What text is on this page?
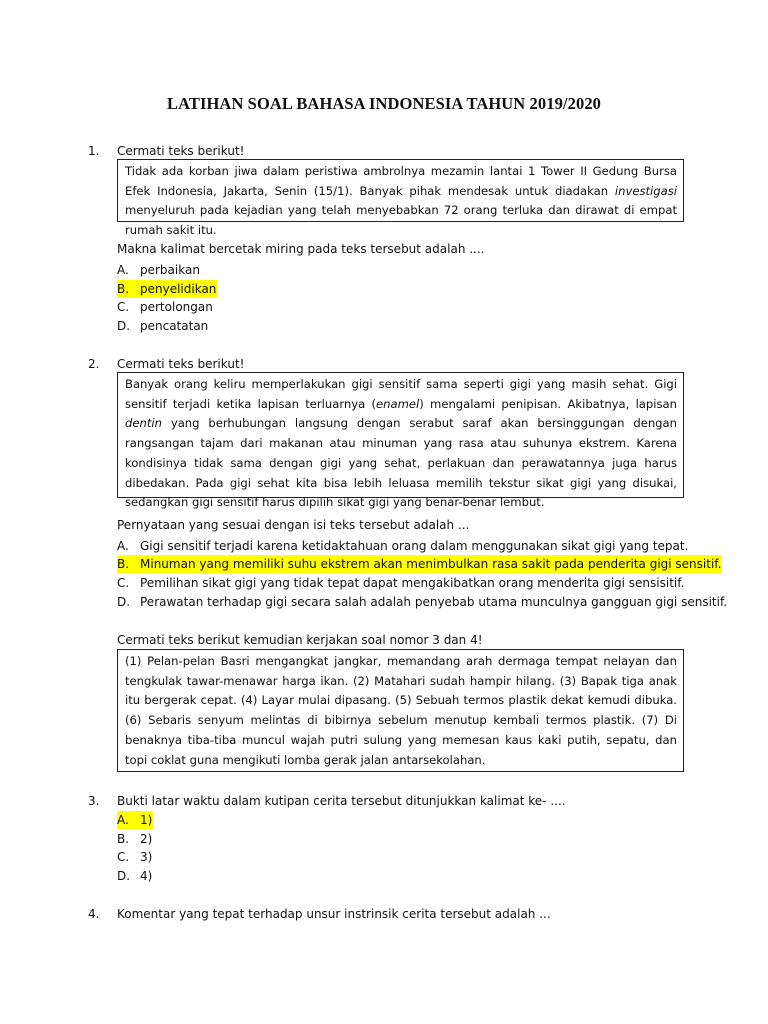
LATIHAN SOAL BAHASA INDONESIA TAHUN 2019/2020
1. Cermati teks berikut!
Tidak ada korban jiwa dalam peristiwa ambrolnya mezamin lantai 1 Tower II Gedung Bursa Efek Indonesia, Jakarta, Senin (15/1). Banyak pihak mendesak untuk diadakan investigasi menyeluruh pada kejadian yang telah menyebabkan 72 orang terluka dan dirawat di empat rumah sakit itu.
Makna kalimat bercetak miring pada teks tersebut adalah ....
A. perbaikan
B. penyelidikan
C. pertolongan
D. pencatatan
2. Cermati teks berikut!
Banyak orang keliru memperlakukan gigi sensitif sama seperti gigi yang masih sehat. Gigi sensitif terjadi ketika lapisan terluarnya (enamel) mengalami penipisan. Akibatnya, lapisan dentin yang berhubungan langsung dengan serabut saraf akan bersinggungan dengan rangsangan tajam dari makanan atau minuman yang rasa atau suhunya ekstrem. Karena kondisinya tidak sama dengan gigi yang sehat, perlakuan dan perawatannya juga harus dibedakan. Pada gigi sehat kita bisa lebih leluasa memilih tekstur sikat gigi yang disukai, sedangkan gigi sensitif harus dipilih sikat gigi yang benar-benar lembut.
Pernyataan yang sesuai dengan isi teks tersebut adalah ...
A. Gigi sensitif terjadi karena ketidaktahuan orang dalam menggunakan sikat gigi yang tepat.
B. Minuman yang memiliki suhu ekstrem akan menimbulkan rasa sakit pada penderita gigi sensitif.
C. Pemilihan sikat gigi yang tidak tepat dapat mengakibatkan orang menderita gigi sensisitif.
D. Perawatan terhadap gigi secara salah adalah penyebab utama munculnya gangguan gigi sensitif.
Cermati teks berikut kemudian kerjakan soal nomor 3 dan 4!
(1) Pelan-pelan Basri mengangkat jangkar, memandang arah dermaga tempat nelayan dan tengkulak tawar-menawar harga ikan. (2) Matahari sudah hampir hilang. (3) Bapak tiga anak itu bergerak cepat. (4) Layar mulai dipasang. (5) Sebuah termos plastik dekat kemudi dibuka. (6) Sebaris senyum melintas di bibirnya sebelum menutup kembali termos plastik. (7) Di benaknya tiba-tiba muncul wajah putri sulung yang memesan kaus kaki putih, sepatu, dan topi coklat guna mengikuti lomba gerak jalan antarsekolahan.
3. Bukti latar waktu dalam kutipan cerita tersebut ditunjukkan kalimat ke- ....
A. 1)
B. 2)
C. 3)
D. 4)
4. Komentar yang tepat terhadap unsur instrinsik cerita tersebut adalah ...
